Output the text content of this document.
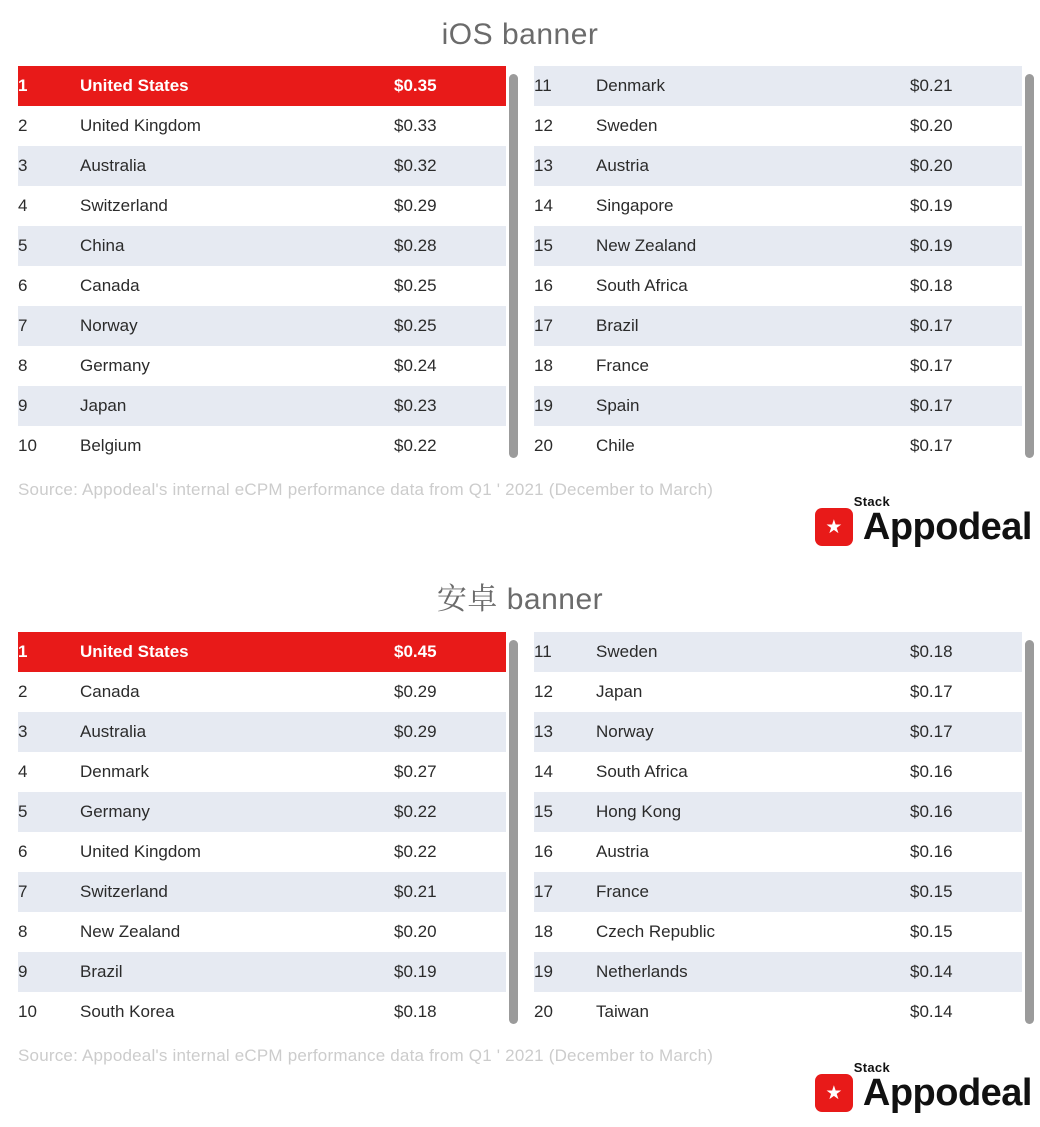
iOS banner
1	United States	$0.35
2	United Kingdom	$0.33
3	Australia	$0.32
4	Switzerland	$0.29
5	China	$0.28
6	Canada	$0.25
7	Norway	$0.25
8	Germany	$0.24
9	Japan	$0.23
10	Belgium	$0.22
11	Denmark	$0.21
12	Sweden	$0.20
13	Austria	$0.20
14	Singapore	$0.19
15	New Zealand	$0.19
16	South Africa	$0.18
17	Brazil	$0.17
18	France	$0.17
19	Spain	$0.17
20	Chile	$0.17
Source: Appodeal's internal eCPM performance data from Q1 ' 2021 (December to March)
Stack
★ Appodeal
安卓 banner
1	United States	$0.45
2	Canada	$0.29
3	Australia	$0.29
4	Denmark	$0.27
5	Germany	$0.22
6	United Kingdom	$0.22
7	Switzerland	$0.21
8	New Zealand	$0.20
9	Brazil	$0.19
10	South Korea	$0.18
11	Sweden	$0.18
12	Japan	$0.17
13	Norway	$0.17
14	South Africa	$0.16
15	Hong Kong	$0.16
16	Austria	$0.16
17	France	$0.15
18	Czech Republic	$0.15
19	Netherlands	$0.14
20	Taiwan	$0.14
Source: Appodeal's internal eCPM performance data from Q1 ' 2021 (December to March)
Stack
★ Appodeal
